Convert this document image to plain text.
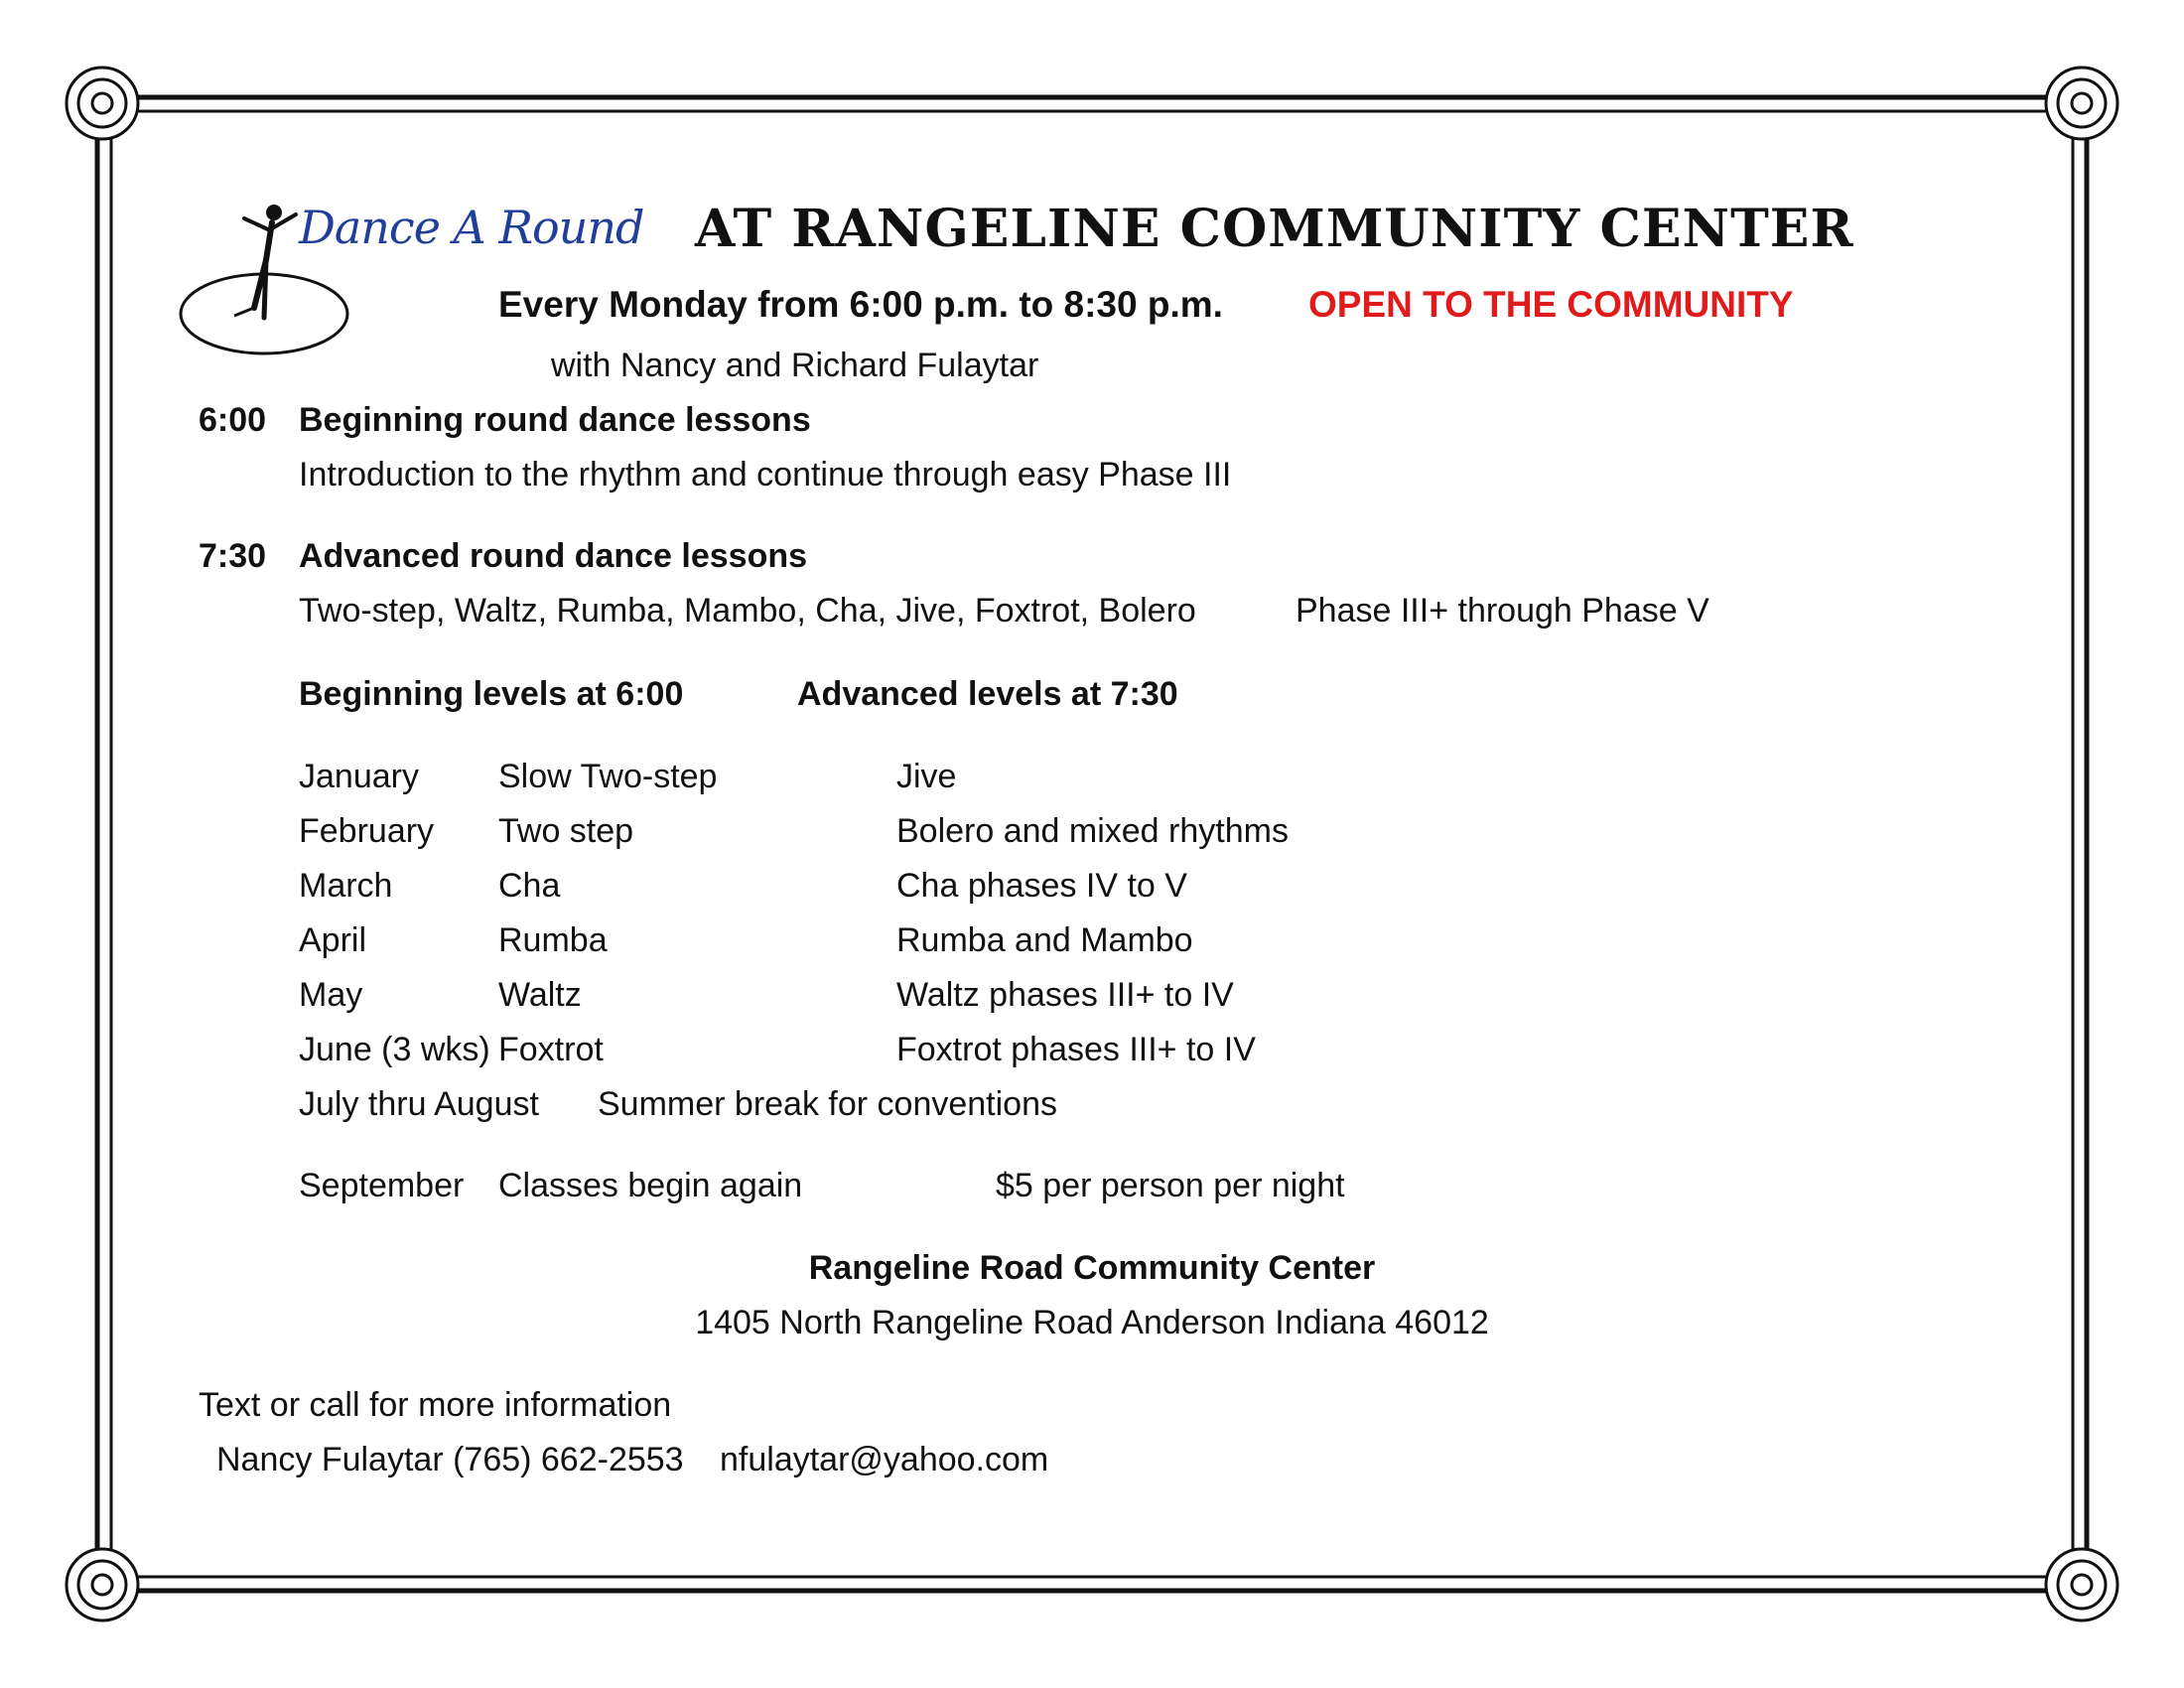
Dance A Round AT RANGELINE COMMUNITY CENTER
Every Monday from 6:00 p.m. to 8:30 p.m. OPEN TO THE COMMUNITY
with Nancy and Richard Fulaytar
6:00 Beginning round dance lessons
Introduction to the rhythm and continue through easy Phase III
7:30 Advanced round dance lessons
Two-step, Waltz, Rumba, Mambo, Cha, Jive, Foxtrot, Bolero	Phase III+ through Phase V
Beginning levels at 6:00	Advanced levels at 7:30
January Slow Two-step	Jive
February Two step	Bolero and mixed rhythms
March	Cha	Cha phases IV to V
April	Rumba	Rumba and Mambo
May	Waltz	Waltz phases III+ to IV
June (3 wks) Foxtrot	Foxtrot phases III+ to IV
July thru August Summer break for conventions
September Classes begin again	$5 per person per night
Rangeline Road Community Center
1405 North Rangeline Road Anderson Indiana 46012
Text or call for more information
Nancy Fulaytar (765) 662-2553 nfulaytar@yahoo.com
